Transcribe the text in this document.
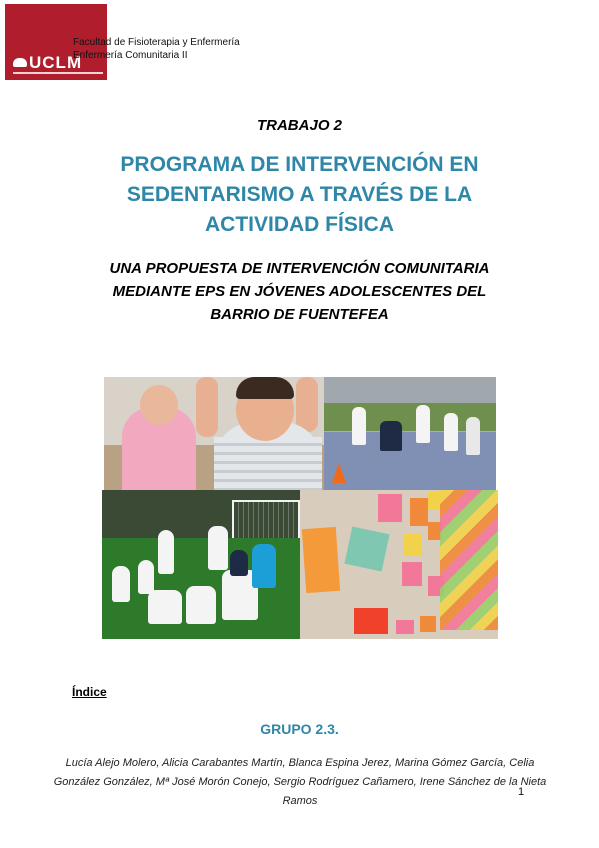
UCLM
Facultad de Fisioterapia y Enfermería
Enfermería Comunitaria II
TRABAJO 2
PROGRAMA DE INTERVENCIÓN EN
SEDENTARISMO A TRAVÉS DE LA
ACTIVIDAD FÍSICA
UNA PROPUESTA DE INTERVENCIÓN COMUNITARIA
MEDIANTE EPS EN JÓVENES ADOLESCENTES DEL
BARRIO DE FUENTEFEA
Índice
GRUPO 2.3.
Lucía Alejo Molero, Alicia Carabantes Martín, Blanca Espina Jerez, Marina Gómez García, Celia
González González, Mª José Morón Conejo, Sergio Rodríguez Cañamero, Irene Sánchez de la Nieta
Ramos
1
